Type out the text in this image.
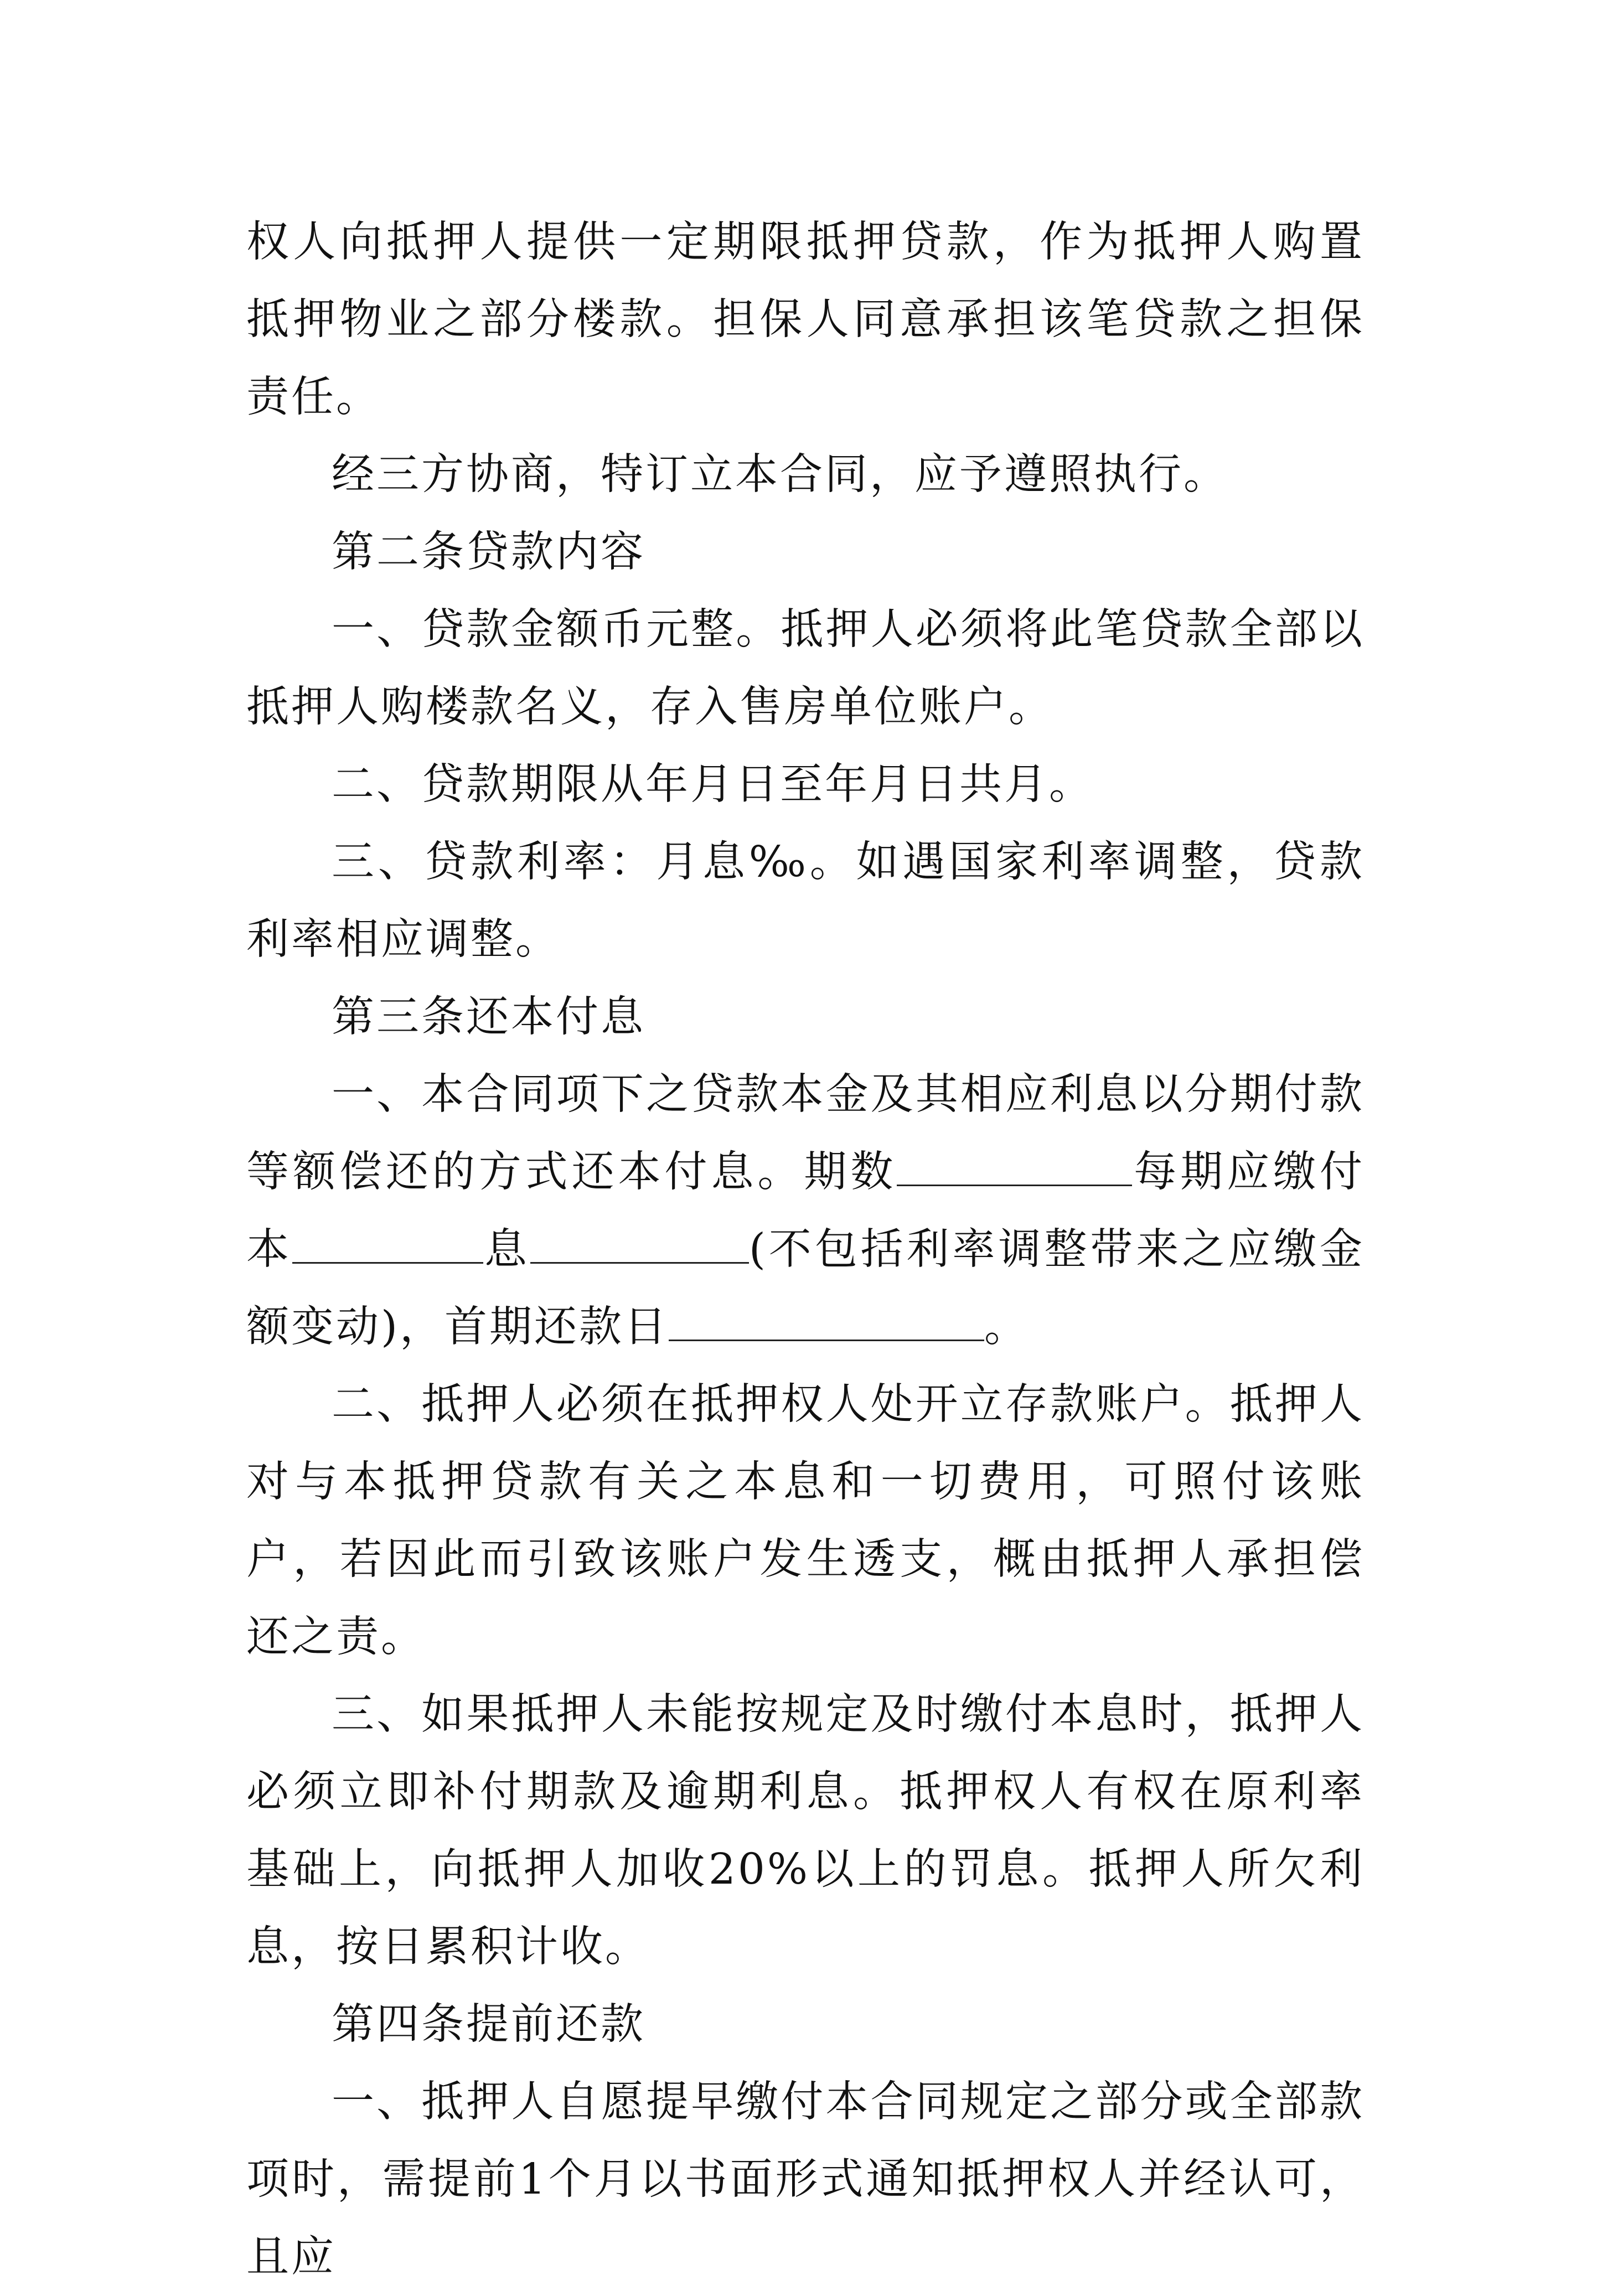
权人向抵押人提供一定期限抵押贷款，作为抵押人购置抵押物业之部分楼款。担保人同意承担该笔贷款之担保责任。

经三方协商，特订立本合同，应予遵照执行。

第二条贷款内容

一、贷款金额币元整。抵押人必须将此笔贷款全部以抵押人购楼款名义，存入售房单位账户。

二、贷款期限从年月日至年月日共月。

三、贷款利率：月息‰。如遇国家利率调整，贷款利率相应调整。

第三条还本付息

一、本合同项下之贷款本金及其相应利息以分期付款等额偿还的方式还本付息。期数	每期应缴付本	息	(不包括利率调整带来之应缴金额变动)，首期还款日	。

二、抵押人必须在抵押权人处开立存款账户。抵押人对与本抵押贷款有关之本息和一切费用，可照付该账户，若因此而引致该账户发生透支，概由抵押人承担偿还之责。

三、如果抵押人未能按规定及时缴付本息时，抵押人必须立即补付期款及逾期利息。抵押权人有权在原利率基础上，向抵押人加收20%以上的罚息。抵押人所欠利息，按日累积计收。

第四条提前还款

一、抵押人自愿提早缴付本合同规定之部分或全部款项时，需提前1个月以书面形式通知抵押权人并经认可，且应
